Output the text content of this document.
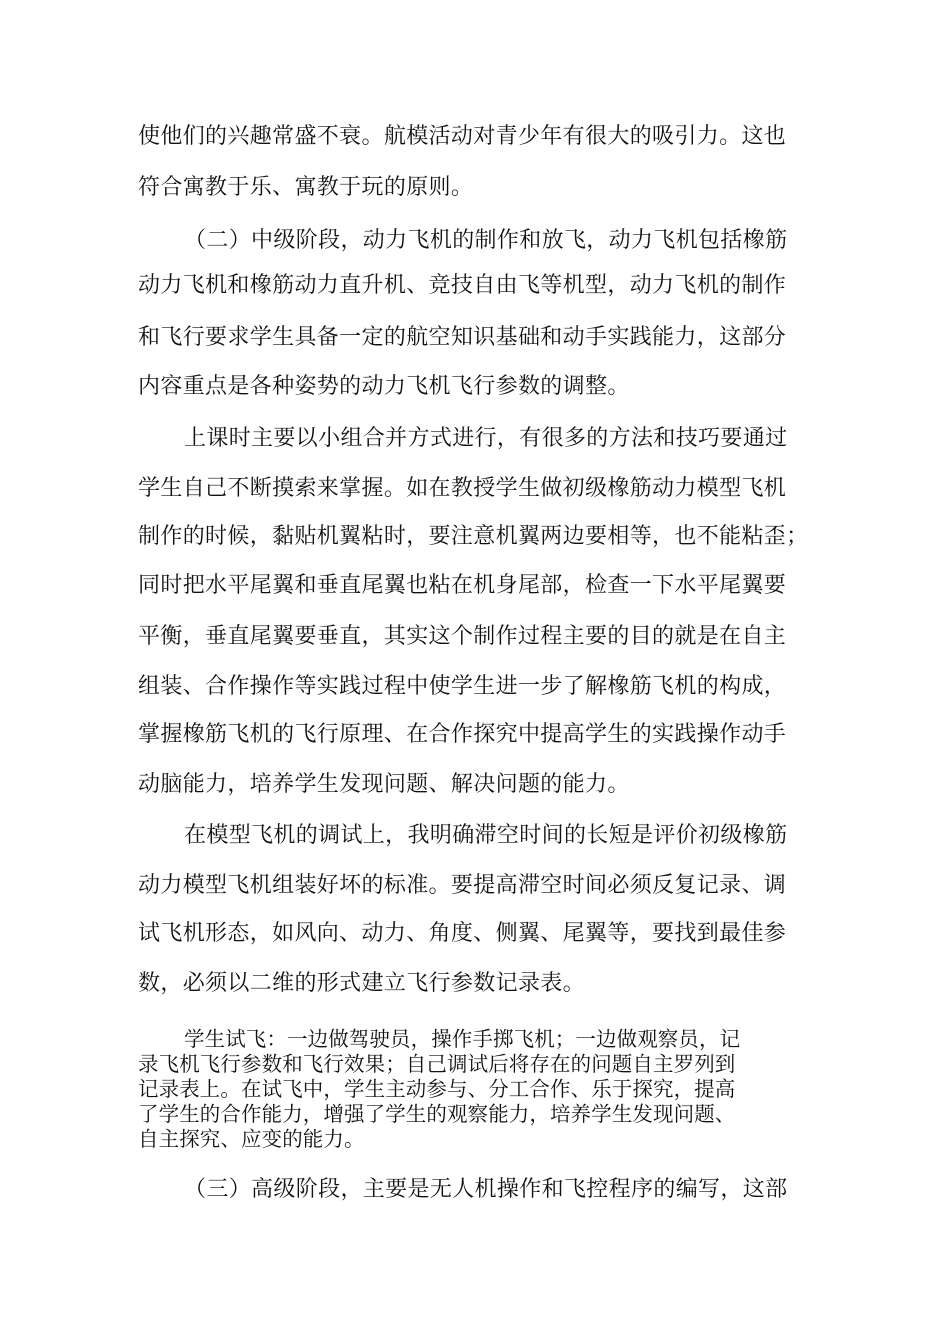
使他们的兴趣常盛不衰。航模活动对青少年有很大的吸引力。这也
符合寓教于乐、寓教于玩的原则。
（二）中级阶段，动力飞机的制作和放飞，动力飞机包括橡筋
动力飞机和橡筋动力直升机、竞技自由飞等机型，动力飞机的制作
和飞行要求学生具备一定的航空知识基础和动手实践能力，这部分
内容重点是各种姿势的动力飞机飞行参数的调整。
上课时主要以小组合并方式进行，有很多的方法和技巧要通过
学生自己不断摸索来掌握。如在教授学生做初级橡筋动力模型飞机
制作的时候，黏贴机翼粘时，要注意机翼两边要相等，也不能粘歪；
同时把水平尾翼和垂直尾翼也粘在机身尾部，检查一下水平尾翼要
平衡，垂直尾翼要垂直，其实这个制作过程主要的目的就是在自主
组装、合作操作等实践过程中使学生进一步了解橡筋飞机的构成，
掌握橡筋飞机的飞行原理、在合作探究中提高学生的实践操作动手
动脑能力，培养学生发现问题、解决问题的能力。
在模型飞机的调试上，我明确滞空时间的长短是评价初级橡筋
动力模型飞机组装好坏的标准。要提高滞空时间必须反复记录、调
试飞机形态，如风向、动力、角度、侧翼、尾翼等，要找到最佳参
数，必须以二维的形式建立飞行参数记录表。
学生试飞：一边做驾驶员，操作手掷飞机；一边做观察员，记
录飞机飞行参数和飞行效果；自己调试后将存在的问题自主罗列到
记录表上。在试飞中，学生主动参与、分工合作、乐于探究，提高
了学生的合作能力，增强了学生的观察能力，培养学生发现问题、
自主探究、应变的能力。
（三）高级阶段，主要是无人机操作和飞控程序的编写，这部
